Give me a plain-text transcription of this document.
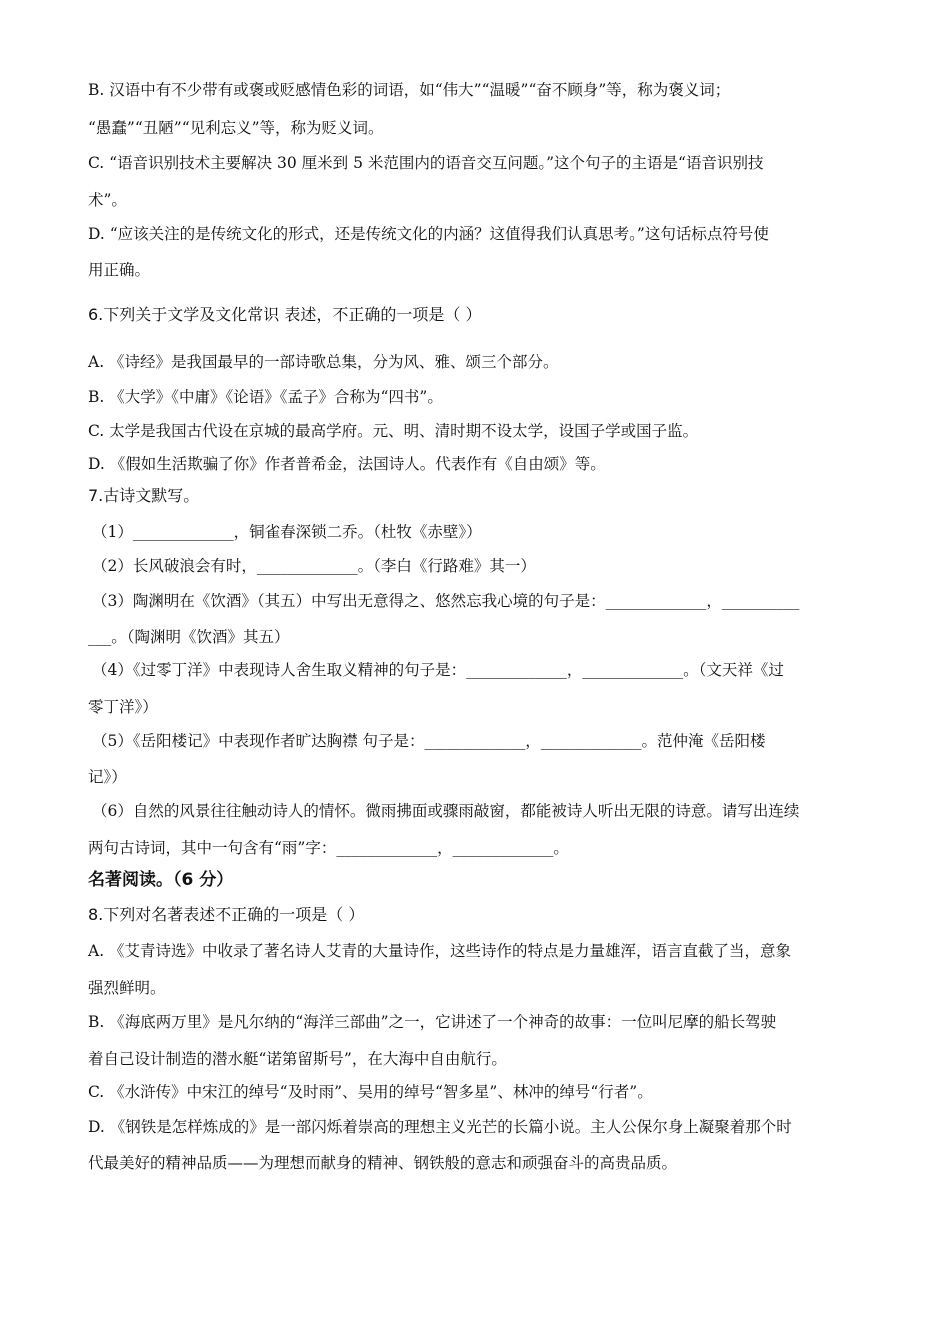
B. 汉语中有不少带有或褒或贬感情色彩的词语，如“伟大”“温暖”“奋不顾身”等，称为褒义词；
“愚蠢”“丑陋”“见利忘义”等，称为贬义词。
C. “语音识别技术主要解决 30 厘米到 5 米范围内的语音交互问题。”这个句子的主语是“语音识别技
术”。
D. “应该关注的是传统文化的形式，还是传统文化的内涵？这值得我们认真思考。”这句话标点符号使
用正确。
6.下列关于文学及文化常识 表述，不正确的一项是（ ）
A. 《诗经》是我国最早的一部诗歌总集，分为风、雅、颂三个部分。
B. 《大学》《中庸》《论语》《孟子》合称为“四书”。
C. 太学是我国古代设在京城的最高学府。元、明、清时期不设太学，设国子学或国子监。
D. 《假如生活欺骗了你》作者普希金，法国诗人。代表作有《自由颂》等。
7.古诗文默写。
（1）_____________，铜雀春深锁二乔。（杜牧《赤壁》）
（2）长风破浪会有时，_____________。（李白《行路难》其一）
（3）陶渊明在《饮酒》（其五）中写出无意得之、悠然忘我心境的句子是：_____________，__________
___。（陶渊明《饮酒》其五）
（4）《过零丁洋》中表现诗人舍生取义精神的句子是：_____________，_____________。（文天祥《过
零丁洋》）
（5）《岳阳楼记》中表现作者旷达胸襟 句子是：_____________，_____________。范仲淹《岳阳楼
记》）
（6）自然的风景往往触动诗人的情怀。微雨拂面或骤雨敲窗，都能被诗人听出无限的诗意。请写出连续
两句古诗词，其中一句含有“雨”字：_____________，_____________。
名著阅读。（6 分）
8.下列对名著表述不正确的一项是（ ）
A. 《艾青诗选》中收录了著名诗人艾青的大量诗作，这些诗作的特点是力量雄浑，语言直截了当，意象
强烈鲜明。
B. 《海底两万里》是凡尔纳的“海洋三部曲”之一，它讲述了一个神奇的故事：一位叫尼摩的船长驾驶
着自己设计制造的潜水艇“诺第留斯号”，在大海中自由航行。
C. 《水浒传》中宋江的绰号“及时雨”、吴用的绰号“智多星”、林冲的绰号“行者”。
D. 《钢铁是怎样炼成的》是一部闪烁着崇高的理想主义光芒的长篇小说。主人公保尔身上凝聚着那个时
代最美好的精神品质——为理想而献身的精神、钢铁般的意志和顽强奋斗的高贵品质。
